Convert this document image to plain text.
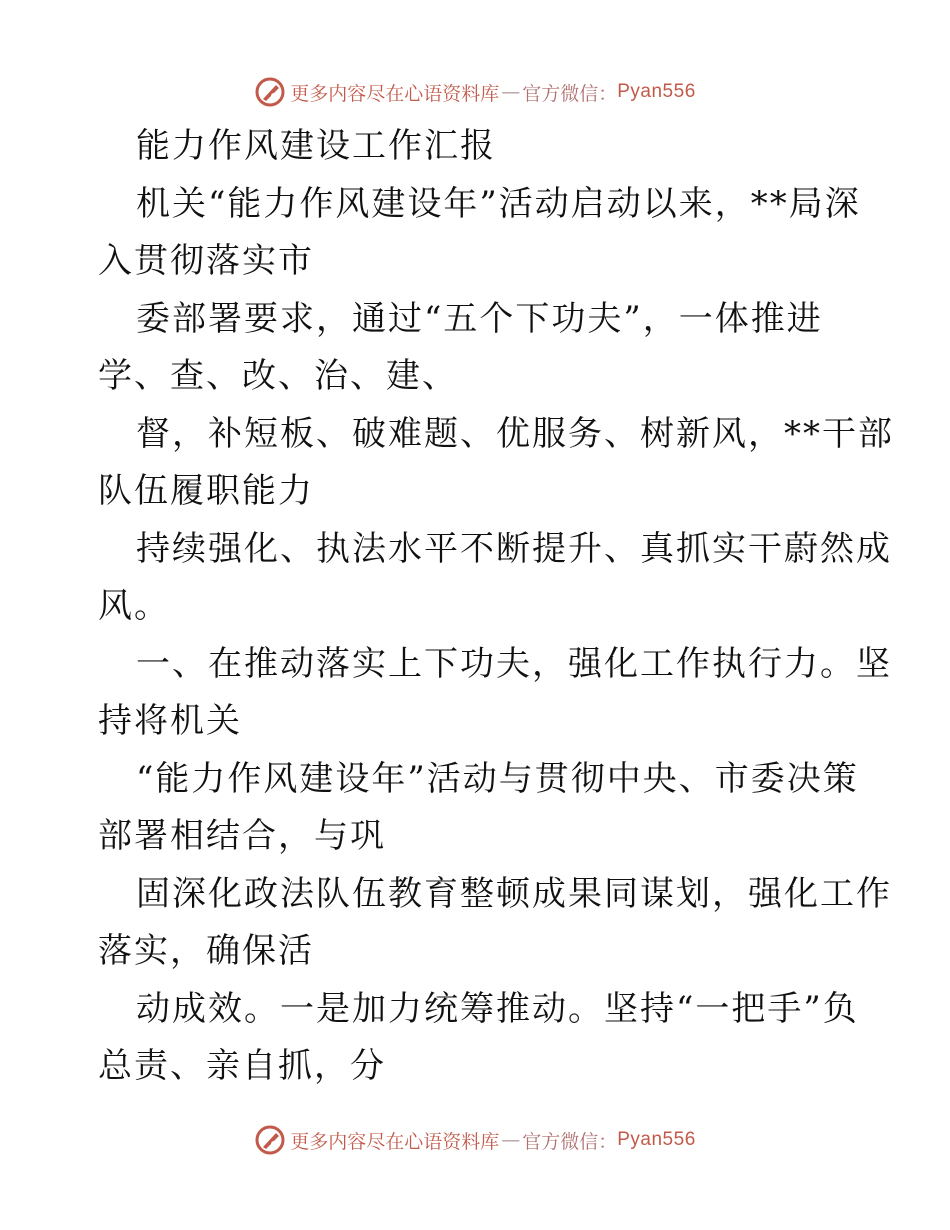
更多内容尽在心语资料库 — 官方微信： Pyan556

能力作风建设工作汇报

机关“能力作风建设年”活动启动以来，**局深

入贯彻落实市

委部署要求，通过“五个下功夫”，一体推进

学、查、改、治、建、

督，补短板、破难题、优服务、树新风，**干部

队伍履职能力

持续强化、执法水平不断提升、真抓实干蔚然成

风。

一、在推动落实上下功夫，强化工作执行力。坚

持将机关

“能力作风建设年”活动与贯彻中央、市委决策

部署相结合，与巩

固深化政法队伍教育整顿成果同谋划，强化工作

落实，确保活

动成效。一是加力统筹推动。坚持“一把手”负

总责、亲自抓，分

更多内容尽在心语资料库 — 官方微信： Pyan556
